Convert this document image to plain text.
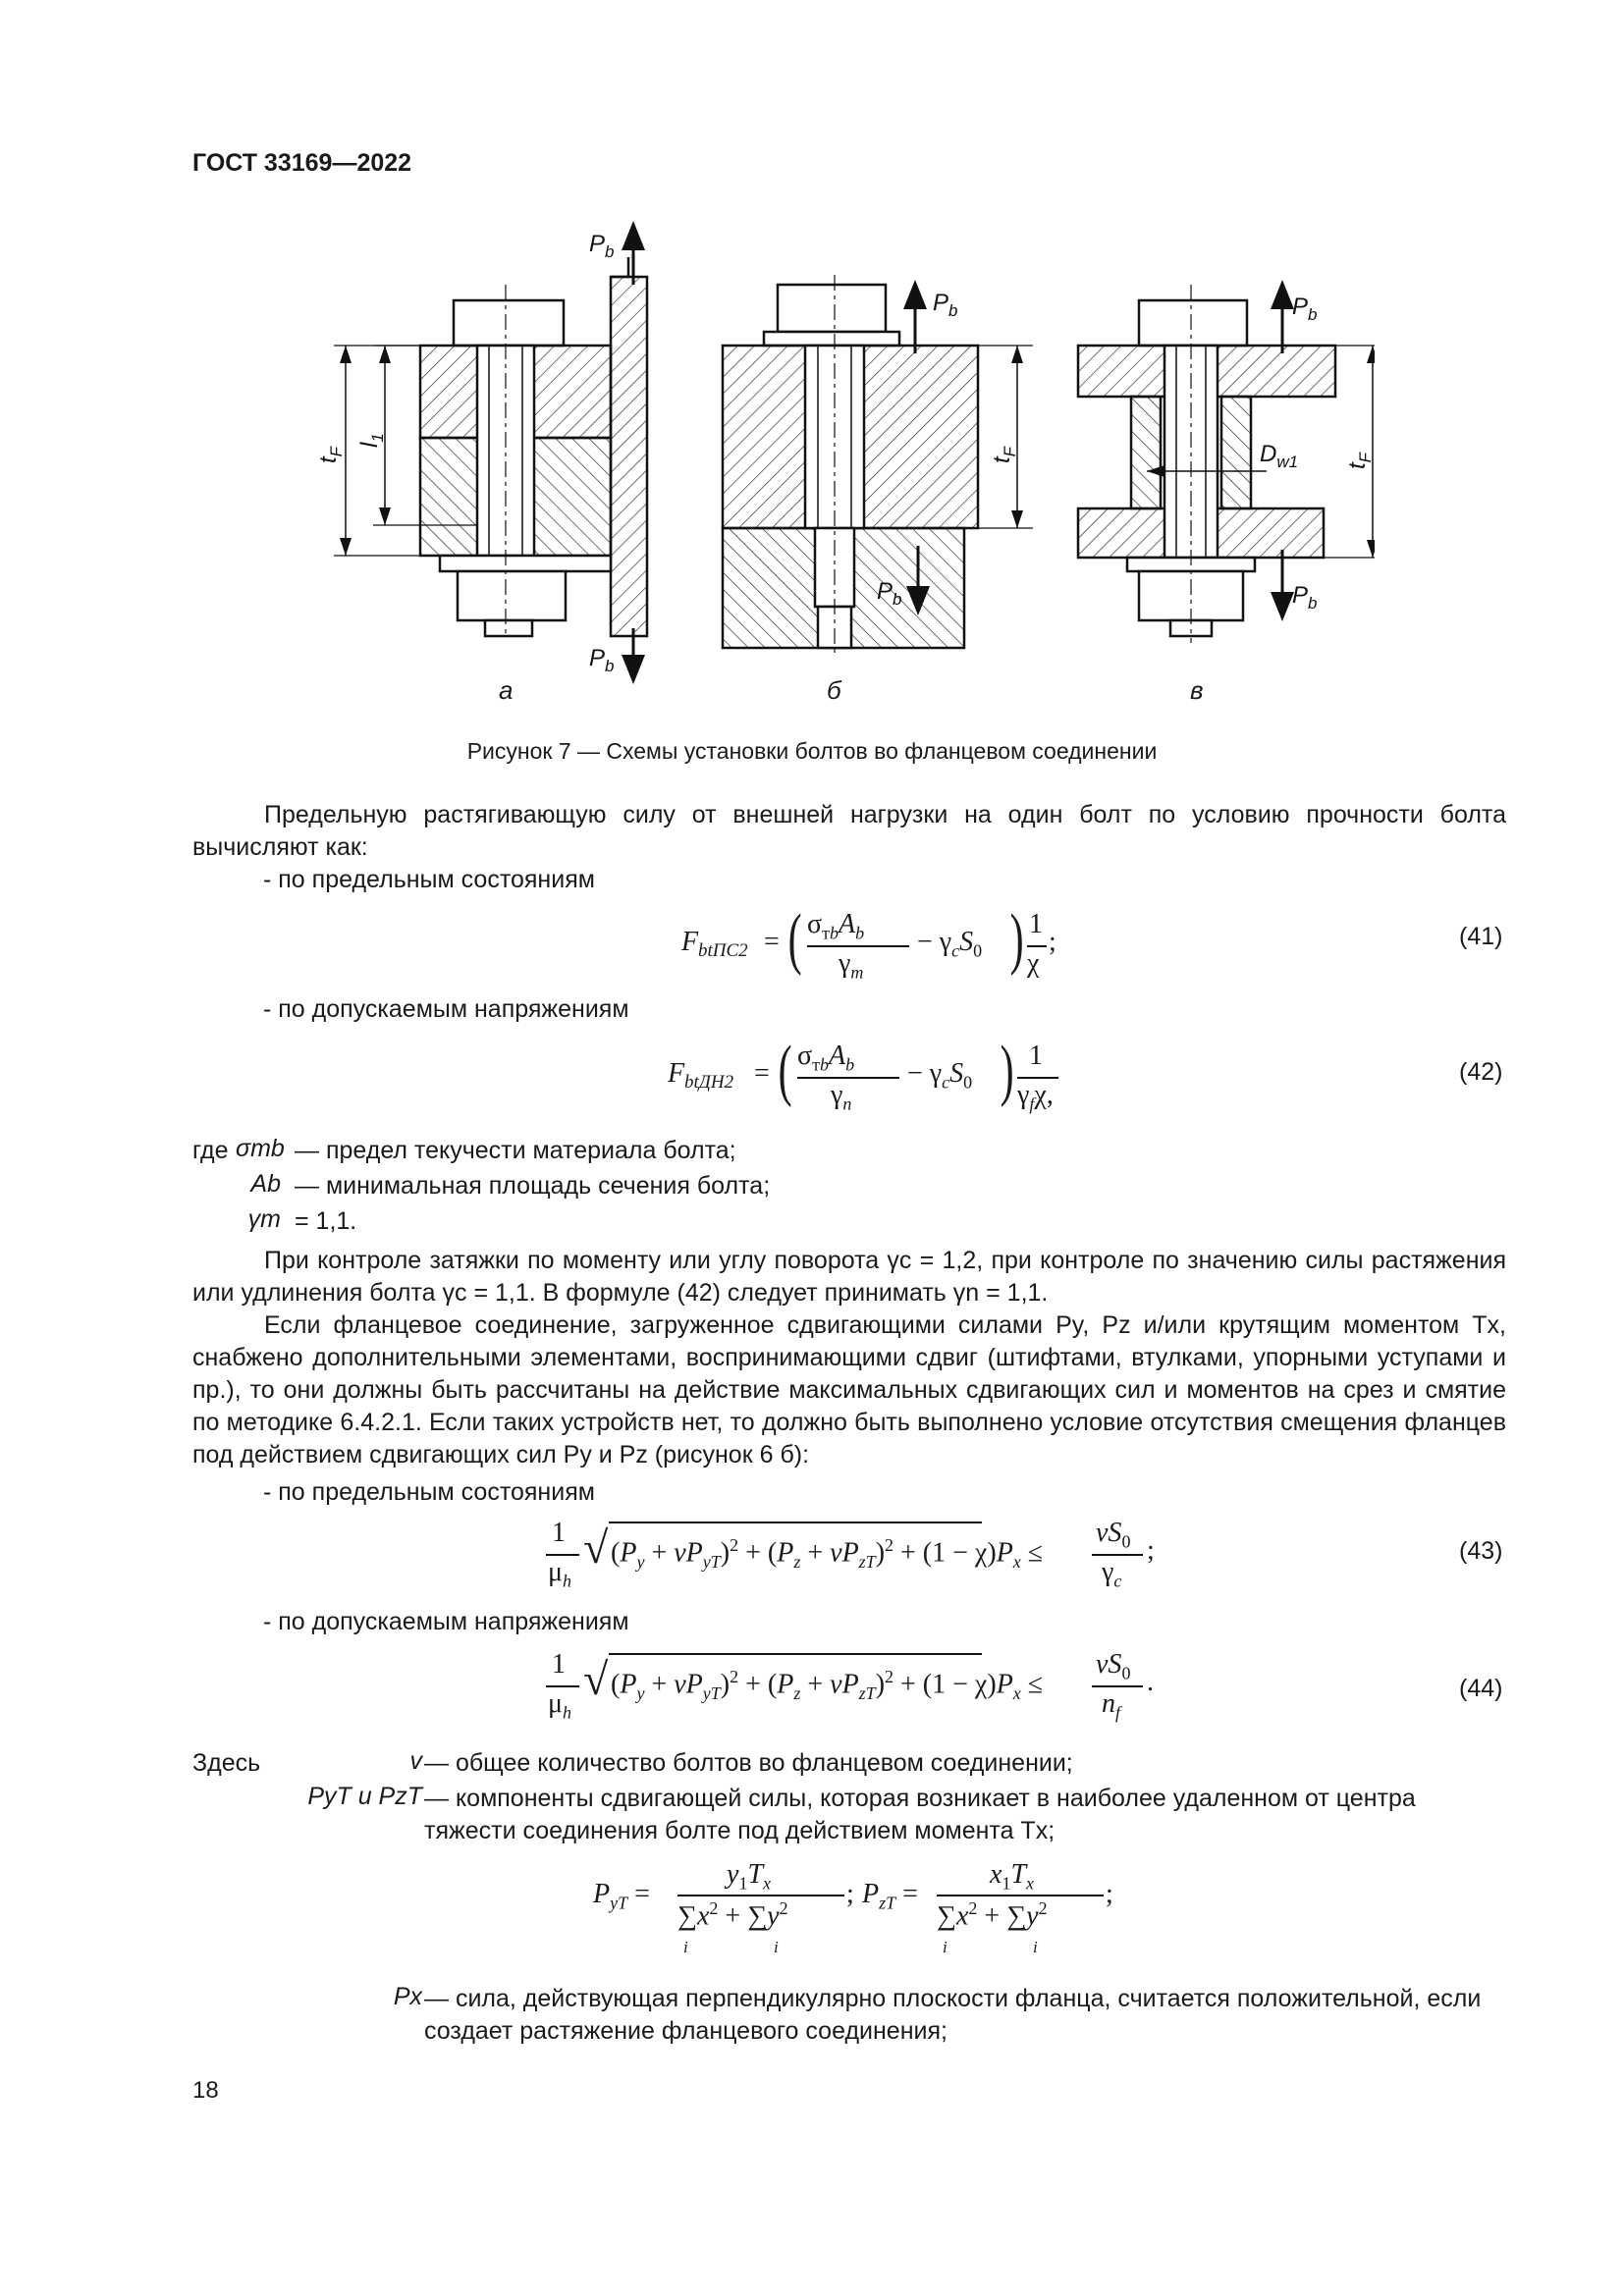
ГОСТ 33169—2022
$P_b$
$P_b$
$P_b$
$P_b$
$P_b$
$P_b$
$D_{w1}$
$t_F$
$l_1$
$t_F$
$t_F$
а	б	в
Рисунок 7 — Схемы установки болтов во фланцевом соединении
Предельную растягивающую силу от внешней нагрузки на один болт по условию прочности болта вычисляют как:
- по предельным состояниям
F btПС2 = ( $\sigma_{тb}A_b$
$\gamma_m$
− $\gamma_cS_0$ ) 1
χ
;	(41)
- по допускаемым напряжениям
F btДН2 = ( $\sigma_{тb}A_b$
$\gamma_n$
− $\gamma_cS_0$ ) 1
$\gamma_f\chi$,
(42)
где σтb — предел текучести материала болта;
Ab — минимальная площадь сечения болта;
γm = 1,1.
При контроле затяжки по моменту или углу поворота γc = 1,2, при контроле по значению силы растяжения или удлинения болта γc = 1,1. В формуле (42) следует принимать γn = 1,1.
Если фланцевое соединение, загруженное сдвигающими силами Py, Pz и/или крутящим моментом Tx, снабжено дополнительными элементами, воспринимающими сдвиг (штифтами, втулками, упорными уступами и пр.), то они должны быть рассчитаны на действие максимальных сдвигающих сил и моментов на срез и смятие по методике 6.4.2.1. Если таких устройств нет, то должно быть выполнено условие отсутствия смещения фланцев под действием сдвигающих сил Py и Pz (рисунок 6 б):
- по предельным состояниям
1
$\mu_h$
√ $(P_y + vP_{yT})^2 + (P_z + vP_{zT})^2 + (1 - \chi)P_x$ ≤
$vS_0$
$\gamma_c$
;	(43)
- по допускаемым напряжениям
1
$\mu_h$
√ $(P_y + vP_{yT})^2 + (P_z + vP_{zT})^2 + (1 - \chi)P_x$ ≤
$vS_0$
$n_f$
.	(44)
Здесь	v — общее количество болтов во фланцевом соединении;
PyT и PzT — компоненты сдвигающей силы, которая возникает в наиболее удаленном от центра тяжести соединения болте под действием момента Tx;
$P_{yT}$ =
$y_1T_x$
$\sum x^2 + \sum y^2$
i	i
; $P_{zT}$ =
$x_1T_x$
$\sum x^2 + \sum y^2$
i	i
;
Px — сила, действующая перпендикулярно плоскости фланца, считается положительной, если создает растяжение фланцевого соединения;
18
